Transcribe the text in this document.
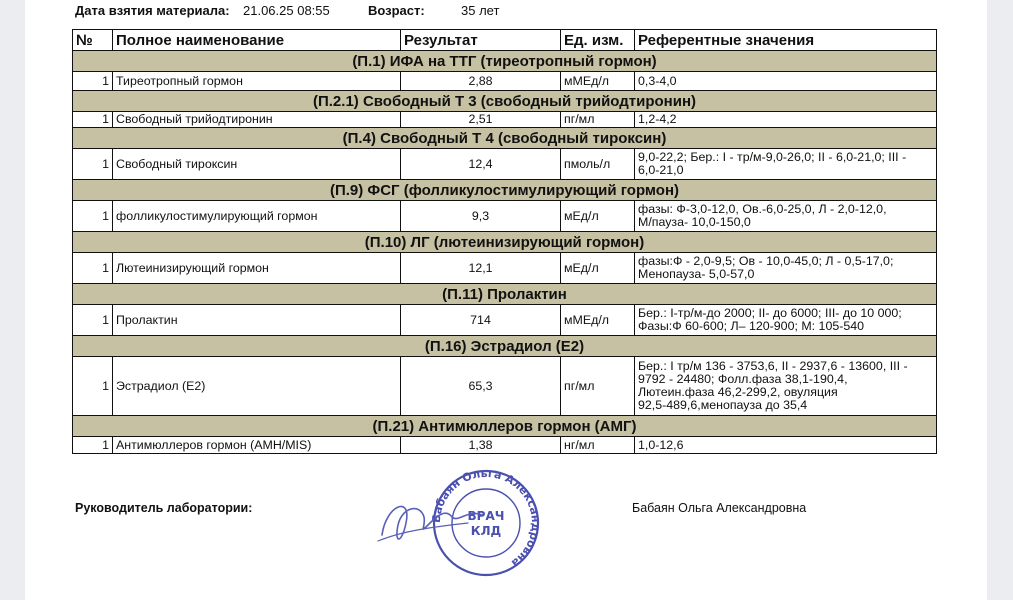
Дата взятия материала: 21.06.25 08:55	Возраст:	35 лет
№	Полное наименование	Результат	Ед. изм.	Референтные значения
(П.1) ИФА на ТТГ (тиреотропный гормон)				
1	Тиреотропный гормон	2,88	мМЕд/л	0,3-4,0

(П.2.1) Свободный Т 3 (свободный трийодтиронин)				
1	Свободный трийодтиронин	2,51	пг/мл	1,2-4,2

(П.4) Свободный Т 4 (свободный тироксин)				
1	Свободный тироксин	12,4	пмоль/л	9,0-22,2; Бер.: I - тр/м-9,0-26,0; II - 6,0-21,0; III -
6,0-21,0

(П.9) ФСГ (фолликулостимулирующий гормон)				
1	фолликулостимулирующий гормон	9,3	мЕд/л	фазы: Ф-3,0-12,0, Ов.-6,0-25,0, Л - 2,0-12,0,
М/пауза- 10,0-150,0

(П.10) ЛГ (лютеинизирующий гормон)				
1	Лютеинизирующий гормон	12,1	мЕд/л	фазы:Ф - 2,0-9,5; Ов - 10,0-45,0; Л - 0,5-17,0;
Менопауза- 5,0-57,0

(П.11) Пролактин				
1	Пролактин	714	мМЕд/л	Бер.: I-тр/м-до 2000; II- до 6000; III- до 10 000;
Фазы:Ф 60-600; Л– 120-900; М: 105-540

(П.16) Эстрадиол (Е2)				
1	Эстрадиол (Е2)	65,3	пг/мл	Бер.: I тр/м 136 - 3753,6, II - 2937,6 - 13600, III -
9792 - 24480; Фолл.фаза 38,1-190,4,
Лютеин.фаза 46,2-299,2, овуляция
92,5-489,6,менопауза до 35,4

(П.21) Антимюллеров гормон (АМГ)				
1	Антимюллеров гормон (AMH/MIS)	1,38	нг/мл	1,0-12,6
Руководитель лаборатории:	Бабаян Ольга Александровна
Бабаян Ольга Александровна
ВРАЧ
КЛД
